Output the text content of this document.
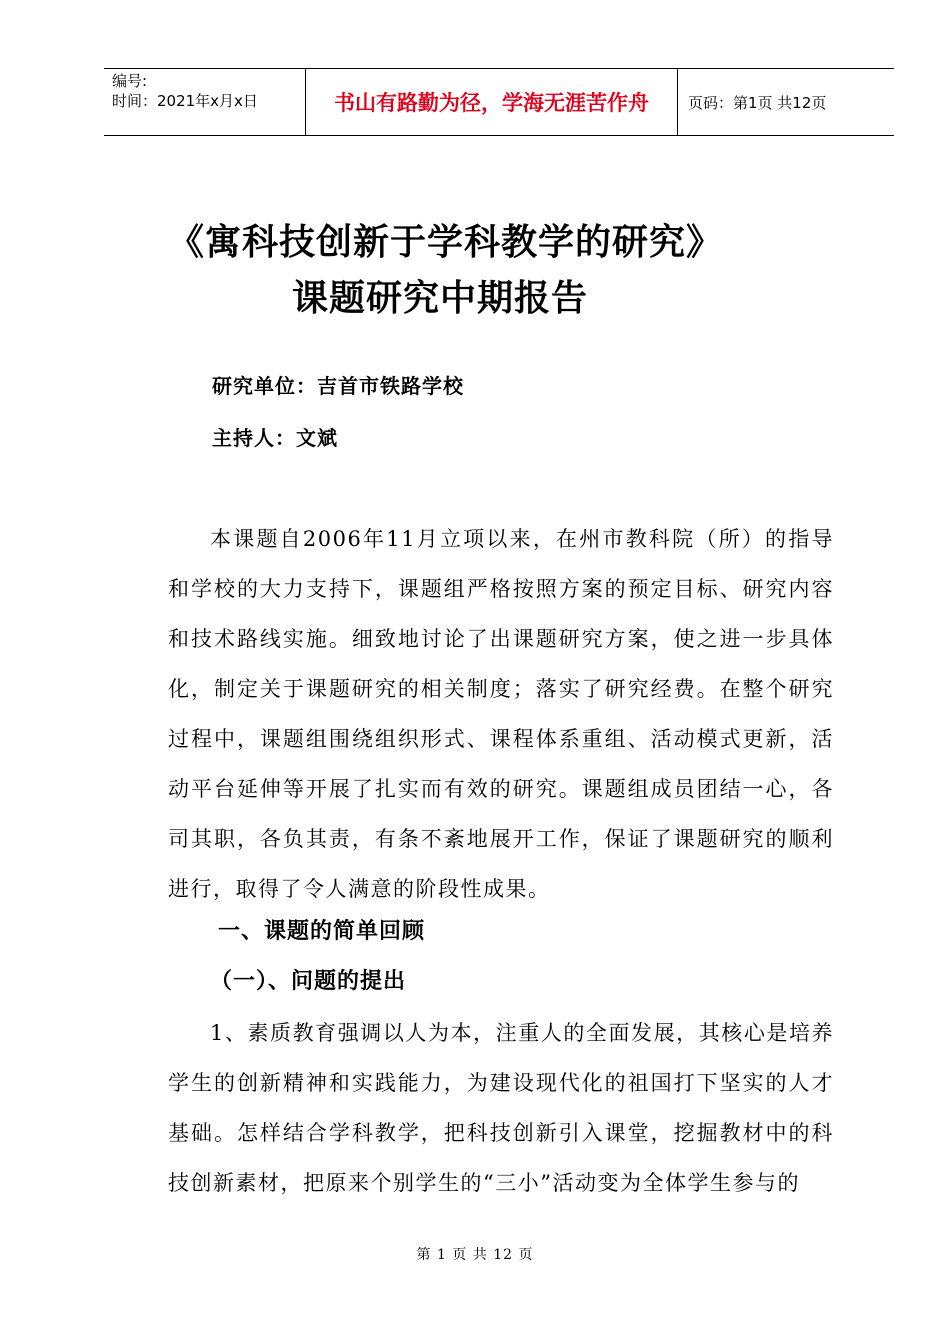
编号:
时间：2021年x月x日	书山有路勤为径，学海无涯苦作舟	页码：第1页 共12页
《寓科技创新于学科教学的研究》
课题研究中期报告
研究单位：吉首市铁路学校
主持人：文斌

本课题自2006年11月立项以来，在州市教科院（所）的指导和学校的大力支持下，课题组严格按照方案的预定目标、研究内容和技术路线实施。细致地讨论了出课题研究方案，使之进一步具体化，制定关于课题研究的相关制度；落实了研究经费。在整个研究过程中，课题组围绕组织形式、课程体系重组、活动模式更新，活动平台延伸等开展了扎实而有效的研究。课题组成员团结一心，各司其职，各负其责，有条不紊地展开工作，保证了课题研究的顺利进行，取得了令人满意的阶段性成果。

一、课题的简单回顾
（一）、问题的提出

1、素质教育强调以人为本，注重人的全面发展，其核心是培养学生的创新精神和实践能力，为建设现代化的祖国打下坚实的人才基础。怎样结合学科教学，把科技创新引入课堂，挖掘教材中的科技创新素材，把原来个别学生的“三小”活动变为全体学生参与的

第 1 页 共 12 页
